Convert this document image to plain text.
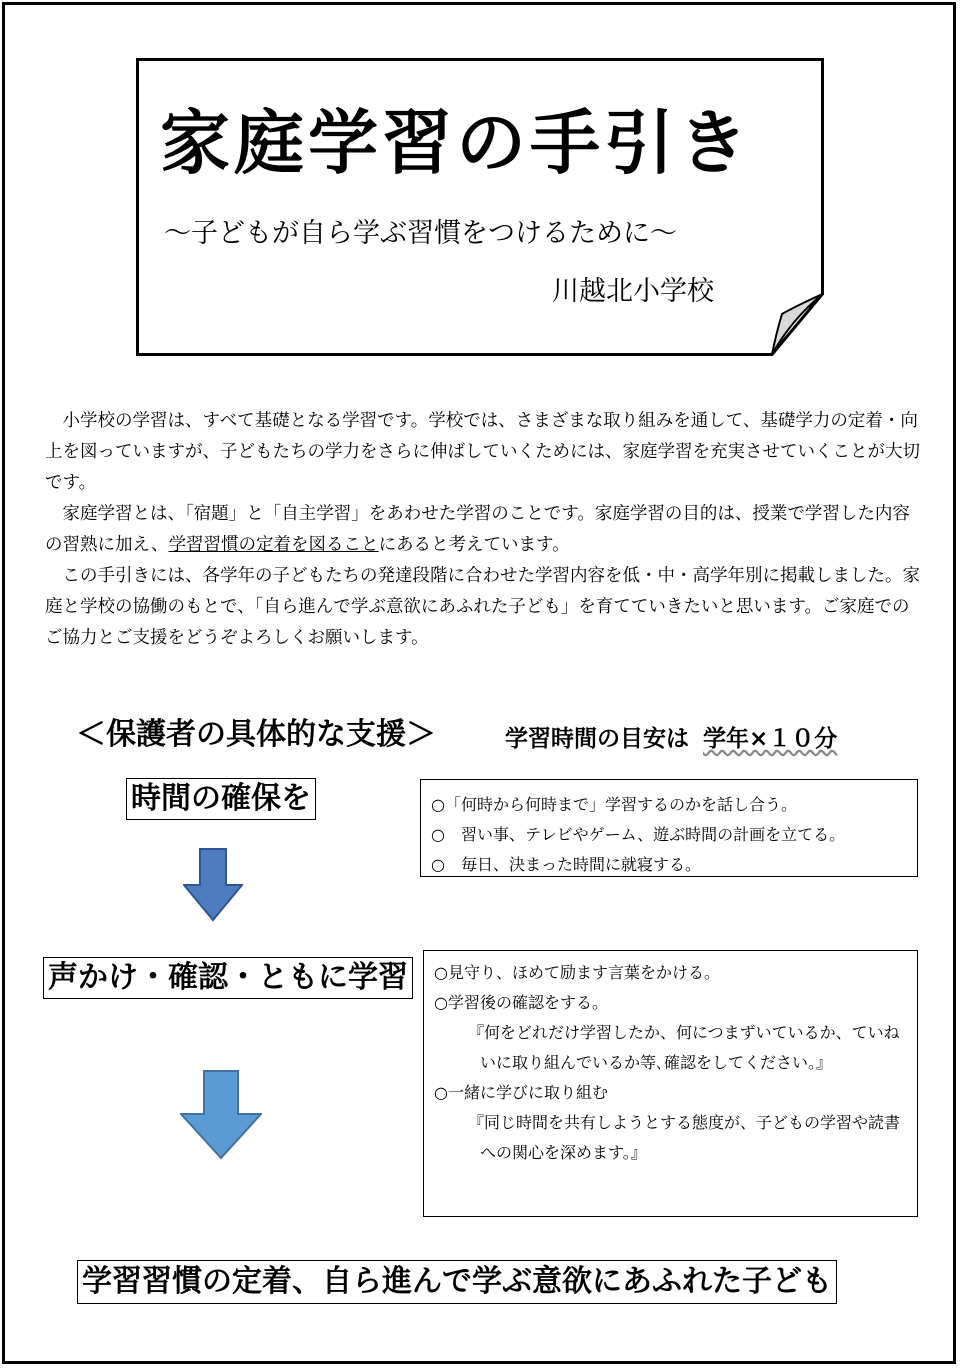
家庭学習の手引き
〜子どもが自ら学ぶ習慣をつけるために〜
川越北小学校

小学校の学習は、すべて基礎となる学習です。学校では、さまざまな取り組みを通して、基礎学力の定着・向上を図っていますが、子どもたちの学力をさらに伸ばしていくためには、家庭学習を充実させていくことが大切です。

家庭学習とは、「宿題」と「自主学習」をあわせた学習のことです。家庭学習の目的は、授業で学習した内容の習熟に加え、学習習慣の定着を図ることにあると考えています。

この手引きには、各学年の子どもたちの発達段階に合わせた学習内容を低・中・高学年別に掲載しました。家庭と学校の協働のもとで、「自ら進んで学ぶ意欲にあふれた子ども」を育てていきたいと思います。ご家庭でのご協力とご支援をどうぞよろしくお願いします。

＜保護者の具体的な支援＞	学習時間の目安は 学年×１０分
時間の確保を	○「何時から何時まで」学習するのかを話し合う。
○　習い事、テレビやゲーム、遊ぶ時間の計画を立てる。
○　毎日、決まった時間に就寝する。
声かけ・確認・ともに学習	○見守り、ほめて励ます言葉をかける。
○学習後の確認をする。
『何をどれだけ学習したか、何につまずいているか、ていねいに取り組んでいるか等､確認をしてください。』
○一緒に学びに取り組む
『同じ時間を共有しようとする態度が、子どもの学習や読書への関心を深めます。』
学習習慣の定着、自ら進んで学ぶ意欲にあふれた子ども
